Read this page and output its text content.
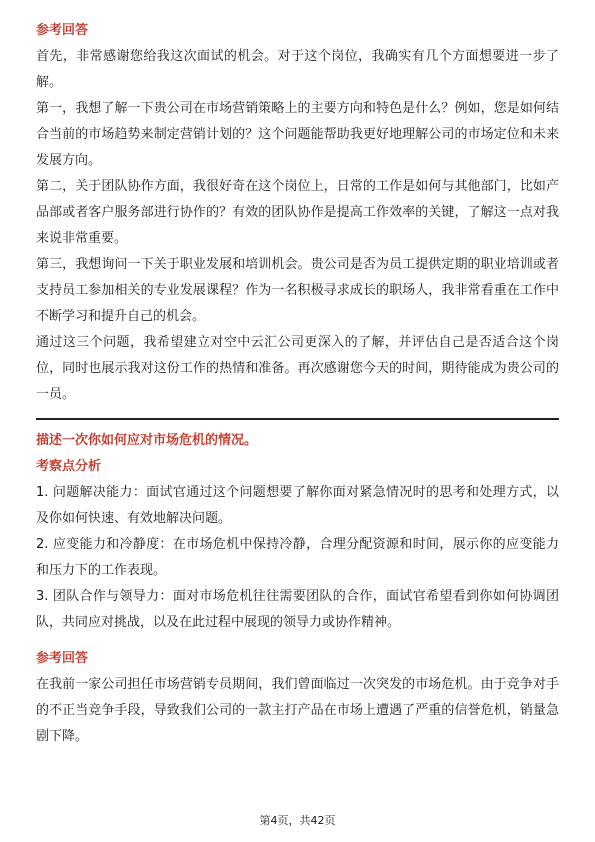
参考回答

首先，非常感谢您给我这次面试的机会。对于这个岗位，我确实有几个方面想要进一步了解。

第一，我想了解一下贵公司在市场营销策略上的主要方向和特色是什么？例如，您是如何结合当前的市场趋势来制定营销计划的？这个问题能帮助我更好地理解公司的市场定位和未来发展方向。

第二，关于团队协作方面，我很好奇在这个岗位上，日常的工作是如何与其他部门，比如产品部或者客户服务部进行协作的？有效的团队协作是提高工作效率的关键，了解这一点对我来说非常重要。

第三，我想询问一下关于职业发展和培训机会。贵公司是否为员工提供定期的职业培训或者支持员工参加相关的专业发展课程？作为一名积极寻求成长的职场人，我非常看重在工作中不断学习和提升自己的机会。

通过这三个问题，我希望建立对空中云汇公司更深入的了解，并评估自己是否适合这个岗位，同时也展示我对这份工作的热情和准备。再次感谢您今天的时间，期待能成为贵公司的一员。

描述一次你如何应对市场危机的情况。

考察点分析

1. 问题解决能力：面试官通过这个问题想要了解你面对紧急情况时的思考和处理方式，以及你如何快速、有效地解决问题。

2. 应变能力和冷静度：在市场危机中保持冷静，合理分配资源和时间，展示你的应变能力和压力下的工作表现。

3. 团队合作与领导力：面对市场危机往往需要团队的合作，面试官希望看到你如何协调团队，共同应对挑战，以及在此过程中展现的领导力或协作精神。

参考回答

在我前一家公司担任市场营销专员期间，我们曾面临过一次突发的市场危机。由于竞争对手的不正当竞争手段，导致我们公司的一款主打产品在市场上遭遇了严重的信誉危机，销量急剧下降。

第4页，共42页
